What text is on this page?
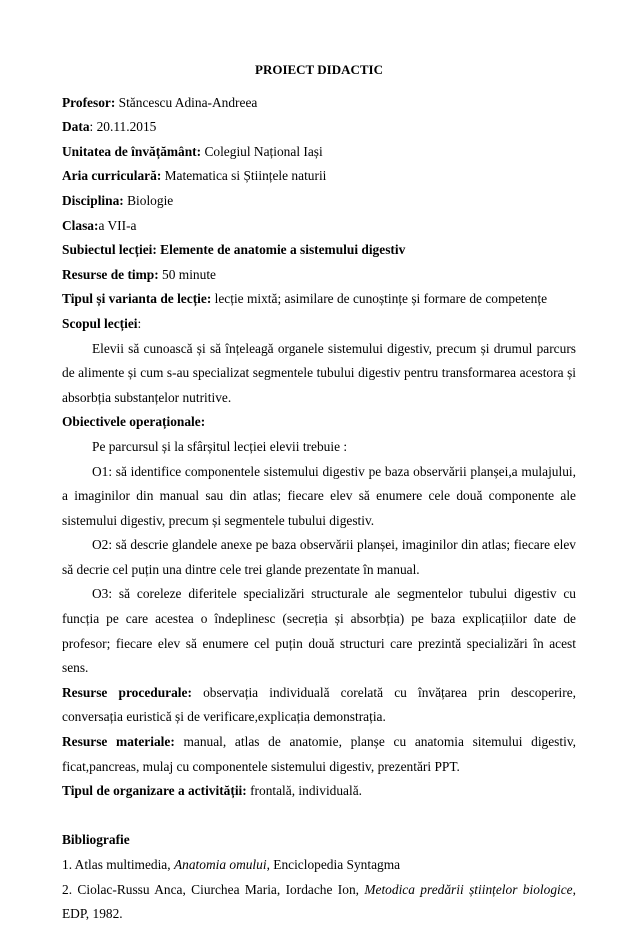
PROIECT DIDACTIC
Profesor: Stăncescu Adina-Andreea
Data: 20.11.2015
Unitatea de învățământ: Colegiul Național Iași
Aria curriculară: Matematica si Științele naturii
Disciplina: Biologie
Clasa:a VII-a
Subiectul lecției: Elemente de anatomie a sistemului digestiv
Resurse de timp: 50 minute
Tipul și varianta de lecție: lecție mixtă; asimilare de cunoștințe și formare de competențe
Scopul lecției:
Elevii să cunoască și să înțeleagă organele sistemului digestiv, precum și drumul parcurs de alimente și cum s-au specializat segmentele tubului digestiv pentru transformarea acestora și absorbția substanțelor nutritive.
Obiectivele operaționale:
Pe parcursul și la sfârșitul lecției elevii trebuie :
O1: să identifice componentele sistemului digestiv pe baza observării planșei,a mulajului, a imaginilor din manual sau din atlas; fiecare elev să enumere cele două componente ale sistemului digestiv, precum și segmentele tubului digestiv.
O2: să descrie glandele anexe pe baza observării planșei, imaginilor din atlas; fiecare elev să decrie cel puțin una dintre cele trei glande prezentate în manual.
O3: să coreleze diferitele specializări structurale ale segmentelor tubului digestiv cu funcția pe care acestea o îndeplinesc (secreția și absorbția) pe baza explicațiilor date de profesor; fiecare elev să enumere cel puțin două structuri care prezintă specializări în acest sens.
Resurse procedurale: observația individuală corelată cu învățarea prin descoperire, conversația euristică și de verificare,explicația demonstrația.
Resurse materiale: manual, atlas de anatomie, planșe cu anatomia sitemului digestiv, ficat,pancreas, mulaj cu componentele sistemului digestiv, prezentări PPT.
Tipul de organizare a activității: frontală, individuală.
Bibliografie
1. Atlas multimedia, Anatomia omului, Enciclopedia Syntagma
2. Ciolac-Russu Anca, Ciurchea Maria, Iordache Ion, Metodica predării științelor biologice, EDP, 1982.
